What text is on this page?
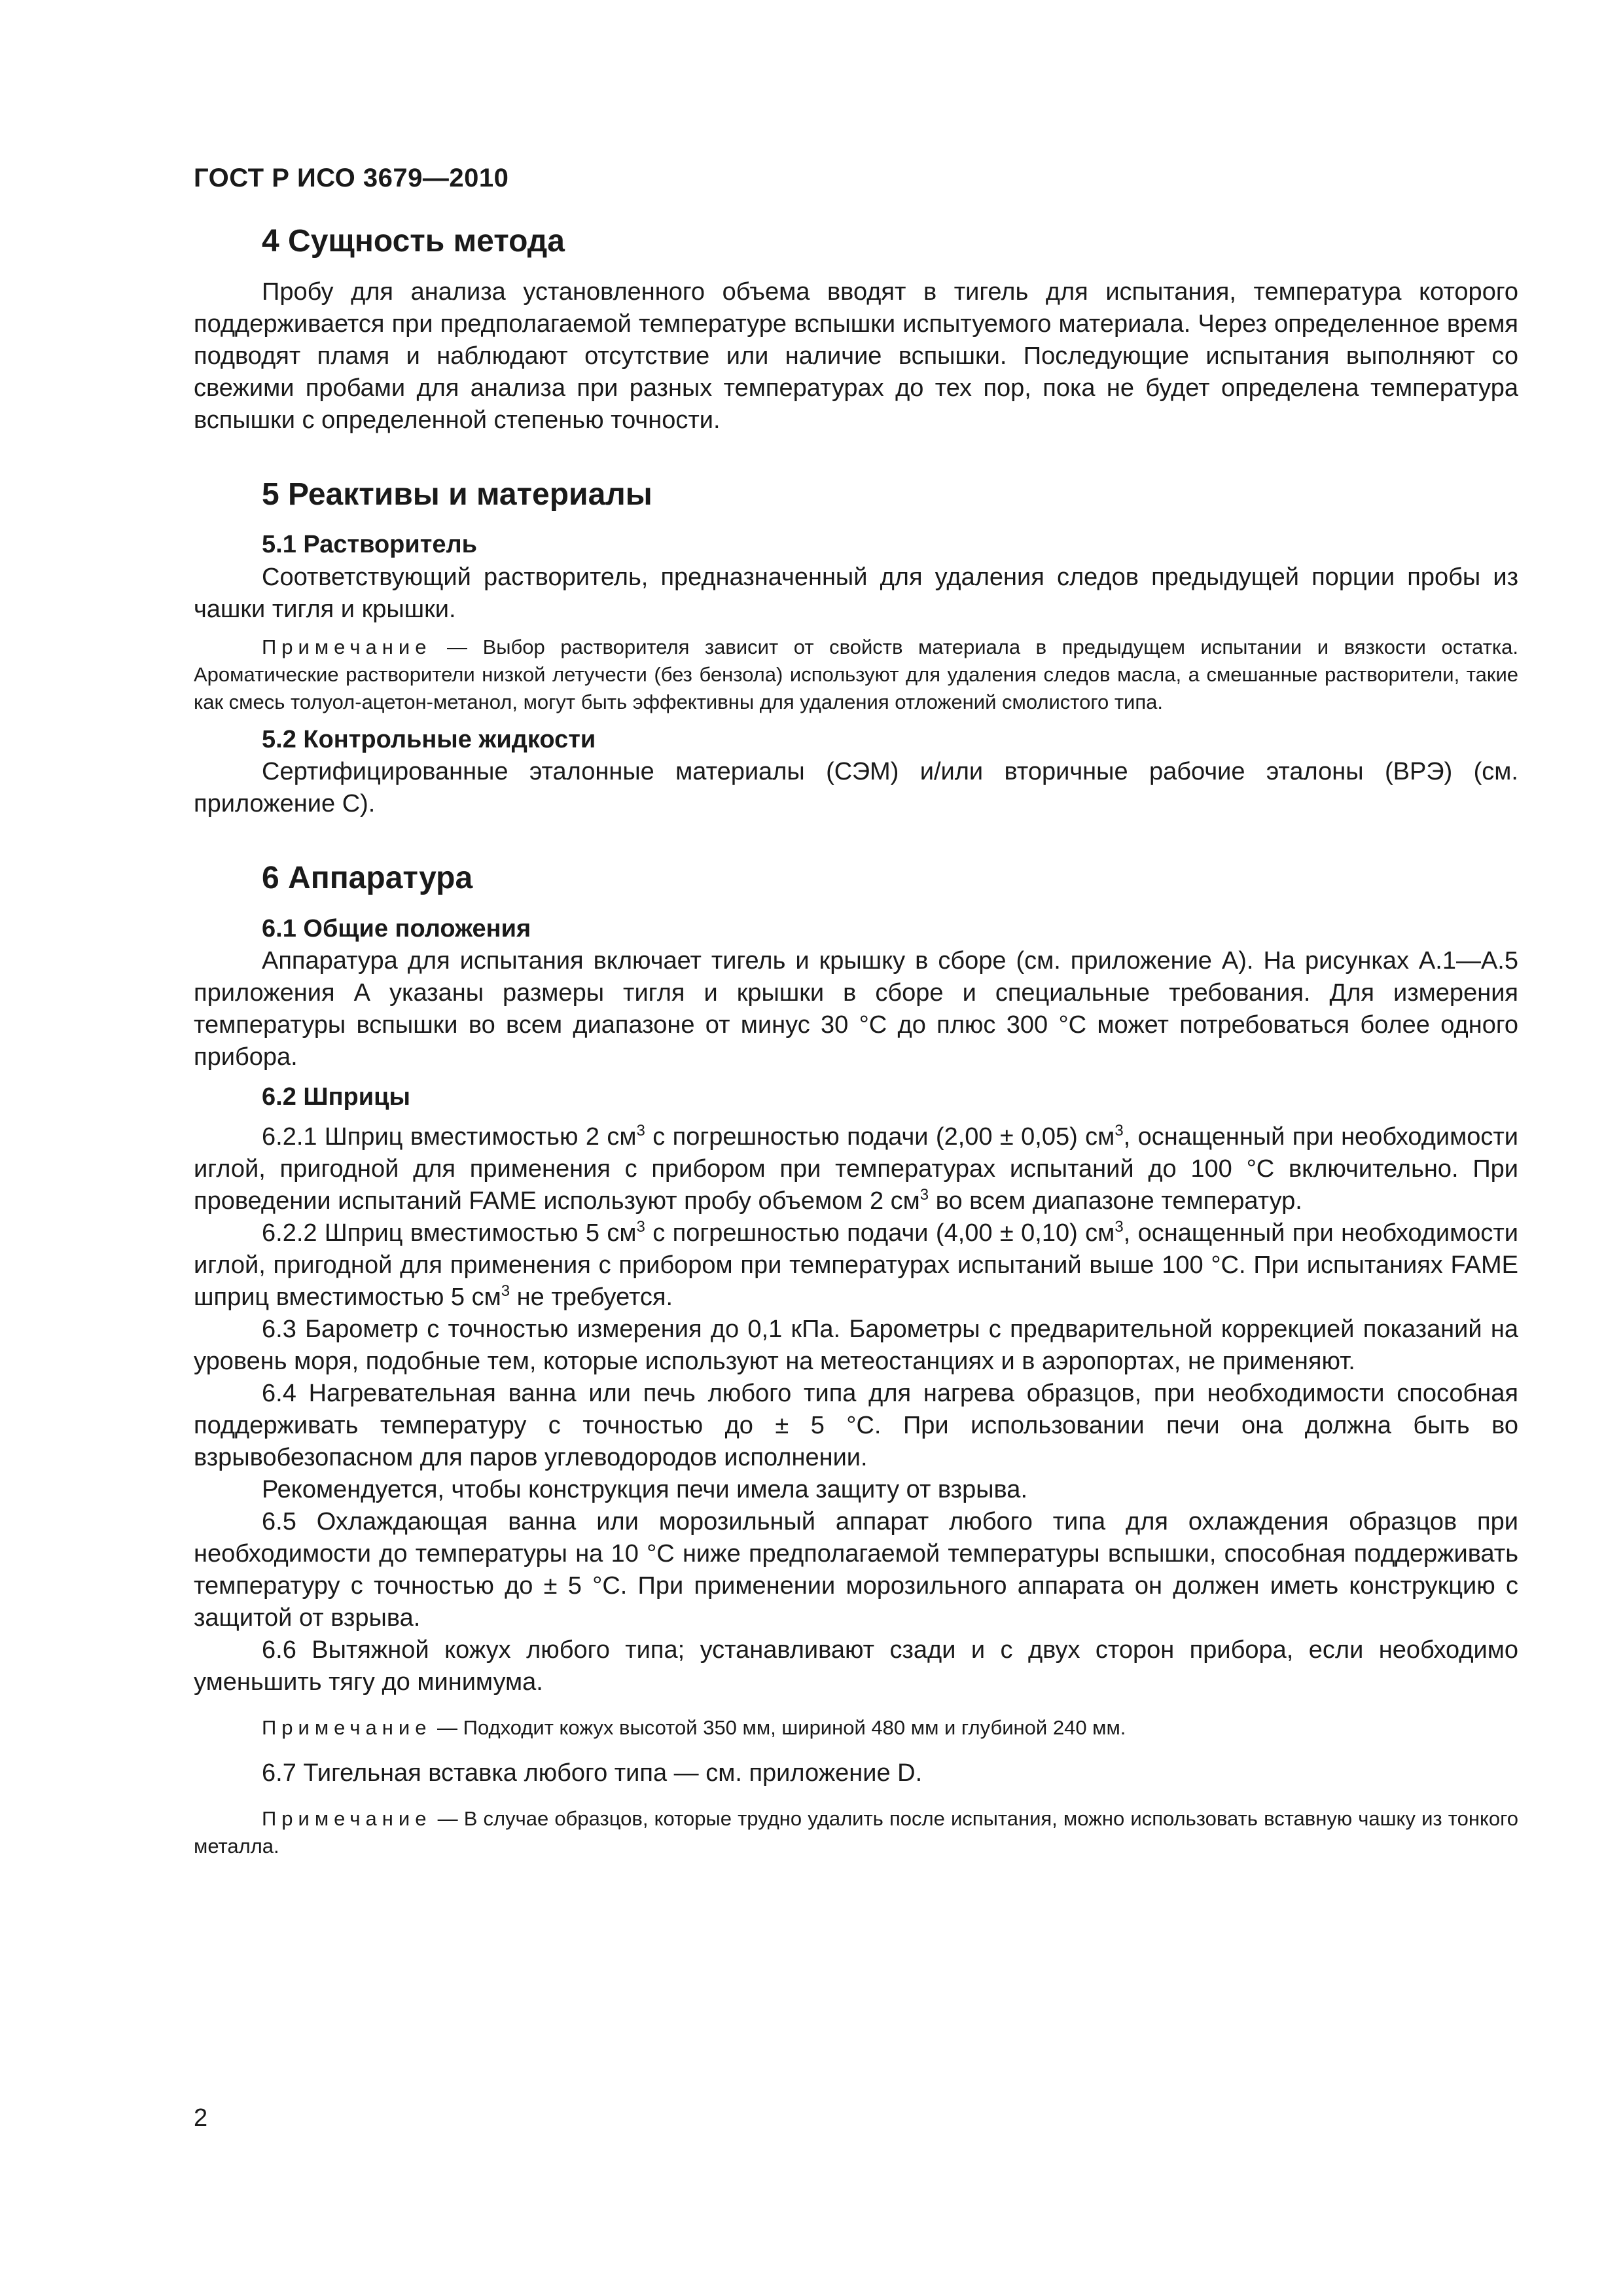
ГОСТ Р ИСО 3679—2010
4 Сущность метода

Пробу для анализа установленного объема вводят в тигель для испытания, температура которого поддерживается при предполагаемой температуре вспышки испытуемого материала. Через определенное время подводят пламя и наблюдают отсутствие или наличие вспышки. Последующие испытания выполняют со свежими пробами для анализа при разных температурах до тех пор, пока не будет определена температура вспышки с определенной степенью точности.

5 Реактивы и материалы
5.1 Растворитель

Соответствующий растворитель, предназначенный для удаления следов предыдущей порции пробы из чашки тигля и крышки.

Примечание — Выбор растворителя зависит от свойств материала в предыдущем испытании и вязкости остатка. Ароматические растворители низкой летучести (без бензола) используют для удаления следов масла, а смешанные растворители, такие как смесь толуол-ацетон-метанол, могут быть эффективны для удаления отложений смолистого типа.

5.2 Контрольные жидкости

Сертифицированные эталонные материалы (СЭМ) и/или вторичные рабочие эталоны (ВРЭ) (см. приложение С).

6 Аппаратура
6.1 Общие положения

Аппаратура для испытания включает тигель и крышку в сборе (см. приложение А). На рисунках А.1—А.5 приложения А указаны размеры тигля и крышки в сборе и специальные требования. Для измерения температуры вспышки во всем диапазоне от минус 30 °С до плюс 300 °С может потребоваться более одного прибора.

6.2 Шприцы

6.2.1 Шприц вместимостью 2 $см^3$ с погрешностью подачи (2,00 ± 0,05) $см^3$, оснащенный при необходимости иглой, пригодной для применения с прибором при температурах испытаний до 100 °С включительно. При проведении испытаний FAME используют пробу объемом 2 $см^3$ во всем диапазоне температур.

6.2.2 Шприц вместимостью 5 $см^3$ с погрешностью подачи (4,00 ± 0,10) $см^3$, оснащенный при необходимости иглой, пригодной для применения с прибором при температурах испытаний выше 100 °С. При испытаниях FAME шприц вместимостью 5 $см^3$ не требуется.

6.3 Барометр с точностью измерения до 0,1 кПа. Барометры с предварительной коррекцией показаний на уровень моря, подобные тем, которые используют на метеостанциях и в аэропортах, не применяют.

6.4 Нагревательная ванна или печь любого типа для нагрева образцов, при необходимости способная поддерживать температуру с точностью до ± 5 °С. При использовании печи она должна быть во взрывобезопасном для паров углеводородов исполнении.

Рекомендуется, чтобы конструкция печи имела защиту от взрыва.

6.5 Охлаждающая ванна или морозильный аппарат любого типа для охлаждения образцов при необходимости до температуры на 10 °С ниже предполагаемой температуры вспышки, способная поддерживать температуру с точностью до ± 5 °С. При применении морозильного аппарата он должен иметь конструкцию с защитой от взрыва.

6.6 Вытяжной кожух любого типа; устанавливают сзади и с двух сторон прибора, если необходимо уменьшить тягу до минимума.

Примечание — Подходит кожух высотой 350 мм, шириной 480 мм и глубиной 240 мм.

6.7 Тигельная вставка любого типа — см. приложение D.

Примечание — В случае образцов, которые трудно удалить после испытания, можно использовать вставную чашку из тонкого металла.

2
